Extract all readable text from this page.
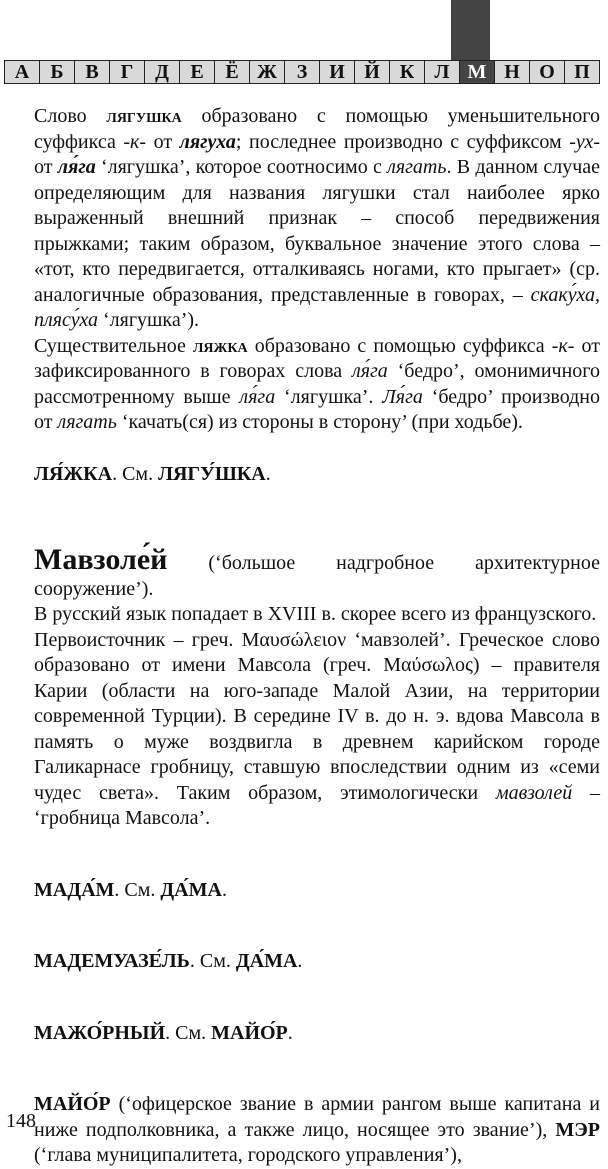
А	Б	В	Г	Д	Е	Ё Ж З	И Й К	Л М Н О П

Слово лягушка образовано с помощью уменьшительного суффикса -к- от лягуха; последнее производно с суффиксом -ух- от ля́га ‘лягушка’, которое соотносимо с лягать. В данном случае определяющим для названия лягушки стал наиболее ярко выраженный внешний признак – способ передвижения прыжками; таким образом, буквальное значение этого слова – «тот, кто передвигается, отталкиваясь ногами, кто прыгает» (ср. аналогичные образования, представленные в говорах, – скаку́ха, плясу́ха ‘лягушка’).

Существительное ляжка образовано с помощью суффикса -к- от зафиксированного в говорах слова ля́га ‘бедро’, омонимичного рассмотренному выше ля́га ‘лягушка’. Ля́га ‘бедро’ производно от лягать ‘качать(ся) из стороны в сторону’ (при ходьбе).

ЛЯ́ЖКА. См. ЛЯГУ́ШКА.

Мавзоле́й (‘большое надгробное архитектурное сооружение’).

В русский язык попадает в XVIII в. скорее всего из французского.

Первоисточник – греч. Μαυσώλειον ‘мавзолей’. Греческое слово образовано от имени Мавсола (греч. Μαύσωλος) – правителя Карии (области на юго-западе Малой Азии, на территории современной Турции). В середине IV в. до н. э. вдова Мавсола в память о муже воздвигла в древнем карийском городе Галикарнасе гробницу, ставшую впоследствии одним из «семи чудес света». Таким образом, этимологически мавзолей – ‘гробница Мавсола’.

МАДА́М. См. ДА́МА.

МАДЕМУАЗЕ́ЛЬ. См. ДА́МА.

МАЖО́РНЫЙ. См. МАЙО́Р.

МАЙО́Р (‘офицерское звание в армии рангом выше капитана и ниже подполковника, а также лицо, носящее это звание’), МЭР (‘глава муниципалитета, городского управления’),

148
